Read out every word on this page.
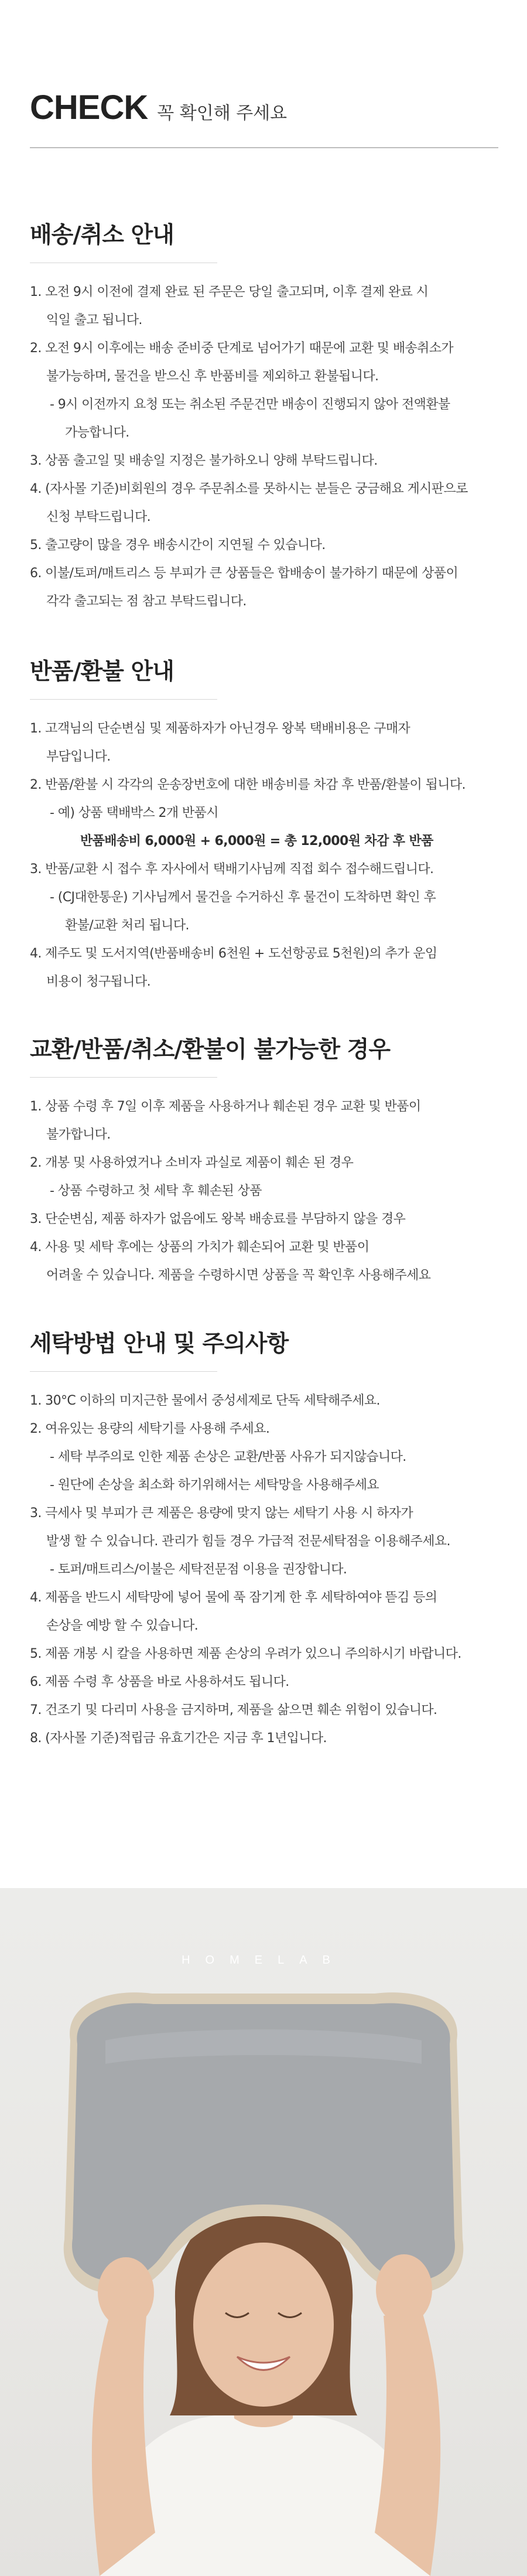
CHECK 꼭 확인해 주세요
배송/취소 안내
1. 오전 9시 이전에 결제 완료 된 주문은 당일 출고되며, 이후 결제 완료 시
익일 출고 됩니다.
2. 오전 9시 이후에는 배송 준비중 단계로 넘어가기 때문에 교환 및 배송취소가
불가능하며, 물건을 받으신 후 반품비를 제외하고 환불됩니다.
- 9시 이전까지 요청 또는 취소된 주문건만 배송이 진행되지 않아 전액환불
가능합니다.
3. 상품 출고일 및 배송일 지정은 불가하오니 양해 부탁드립니다.
4. (자사몰 기준)비회원의 경우 주문취소를 못하시는 분들은 궁금해요 게시판으로
신청 부탁드립니다.
5. 출고량이 많을 경우 배송시간이 지연될 수 있습니다.
6. 이불/토퍼/매트리스 등 부피가 큰 상품들은 합배송이 불가하기 때문에 상품이
각각 출고되는 점 참고 부탁드립니다.
반품/환불 안내
1. 고객님의 단순변심 및 제품하자가 아닌경우 왕복 택배비용은 구매자
부담입니다.
2. 반품/환불 시 각각의 운송장번호에 대한 배송비를 차감 후 반품/환불이 됩니다.
- 예) 상품 택배박스 2개 반품시
반품배송비 6,000원 + 6,000원 = 총 12,000원 차감 후 반품
3. 반품/교환 시 접수 후 자사에서 택배기사님께 직접 회수 접수해드립니다.
- (CJ대한통운) 기사님께서 물건을 수거하신 후 물건이 도착하면 확인 후
환불/교환 처리 됩니다.
4. 제주도 및 도서지역(반품배송비 6천원 + 도선항공료 5천원)의 추가 운임
비용이 청구됩니다.
교환/반품/취소/환불이 불가능한 경우
1. 상품 수령 후 7일 이후 제품을 사용하거나 훼손된 경우 교환 및 반품이
불가합니다.
2. 개봉 및 사용하였거나 소비자 과실로 제품이 훼손 된 경우
- 상품 수령하고 첫 세탁 후 훼손된 상품
3. 단순변심, 제품 하자가 없음에도 왕복 배송료를 부담하지 않을 경우
4. 사용 및 세탁 후에는 상품의 가치가 훼손되어 교환 및 반품이
어려울 수 있습니다. 제품을 수령하시면 상품을 꼭 확인후 사용해주세요
세탁방법 안내 및 주의사항
1. 30°C 이하의 미지근한 물에서 중성세제로 단독 세탁해주세요.
2. 여유있는 용량의 세탁기를 사용해 주세요.
- 세탁 부주의로 인한 제품 손상은 교환/반품 사유가 되지않습니다.
- 원단에 손상을 최소화 하기위해서는 세탁망을 사용해주세요
3. 극세사 및 부피가 큰 제품은 용량에 맞지 않는 세탁기 사용 시 하자가
발생 할 수 있습니다. 관리가 힘들 경우 가급적 전문세탁점을 이용해주세요.
- 토퍼/매트리스/이불은 세탁전문점 이용을 권장합니다.
4. 제품을 반드시 세탁망에 넣어 물에 푹 잠기게 한 후 세탁하여야 뜯김 등의
손상을 예방 할 수 있습니다.
5. 제품 개봉 시 칼을 사용하면 제품 손상의 우려가 있으니 주의하시기 바랍니다.
6. 제품 수령 후 상품을 바로 사용하셔도 됩니다.
7. 건조기 및 다리미 사용을 금지하며, 제품을 삶으면 훼손 위험이 있습니다.
8. (자사몰 기준)적립금 유효기간은 지금 후 1년입니다.
HOMELAB
